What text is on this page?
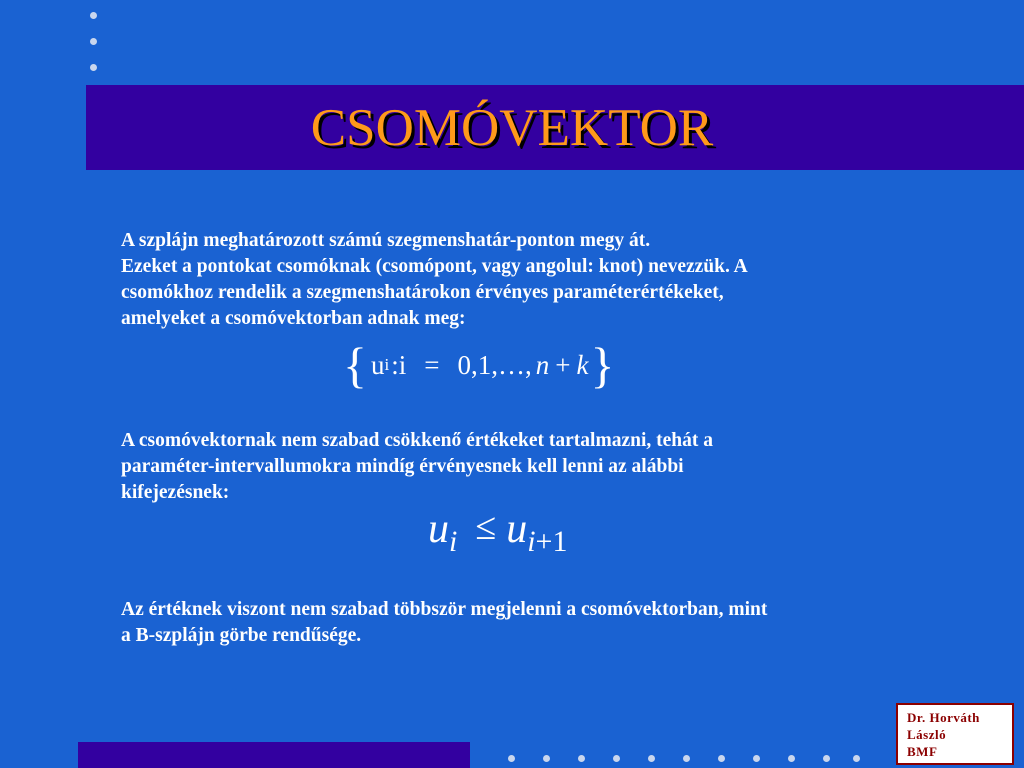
CSOMÓVEKTOR
A szplájn meghatározott számú szegmenshatár-ponton megy át.
Ezeket a pontokat csomóknak (csomópont, vagy angolul: knot) nevezzük. A
csomókhoz rendelik a szegmenshatárokon érvényes paraméterértékeket,
amelyeket a csomóvektorban adnak meg:
{ u i :i = 0,1,…, n + k }
A csomóvektornak nem szabad csökkenő értékeket tartalmazni, tehát a
paraméter-intervallumokra mindíg érvényesnek kell lenni az alábbi
kifejezésnek:
u i ≤ u i +1
Az értéknek viszont nem szabad többször megjelenni a csomóvektorban, mint
a B-szplájn görbe rendűsége.
Dr. Horváth
László
BMF
